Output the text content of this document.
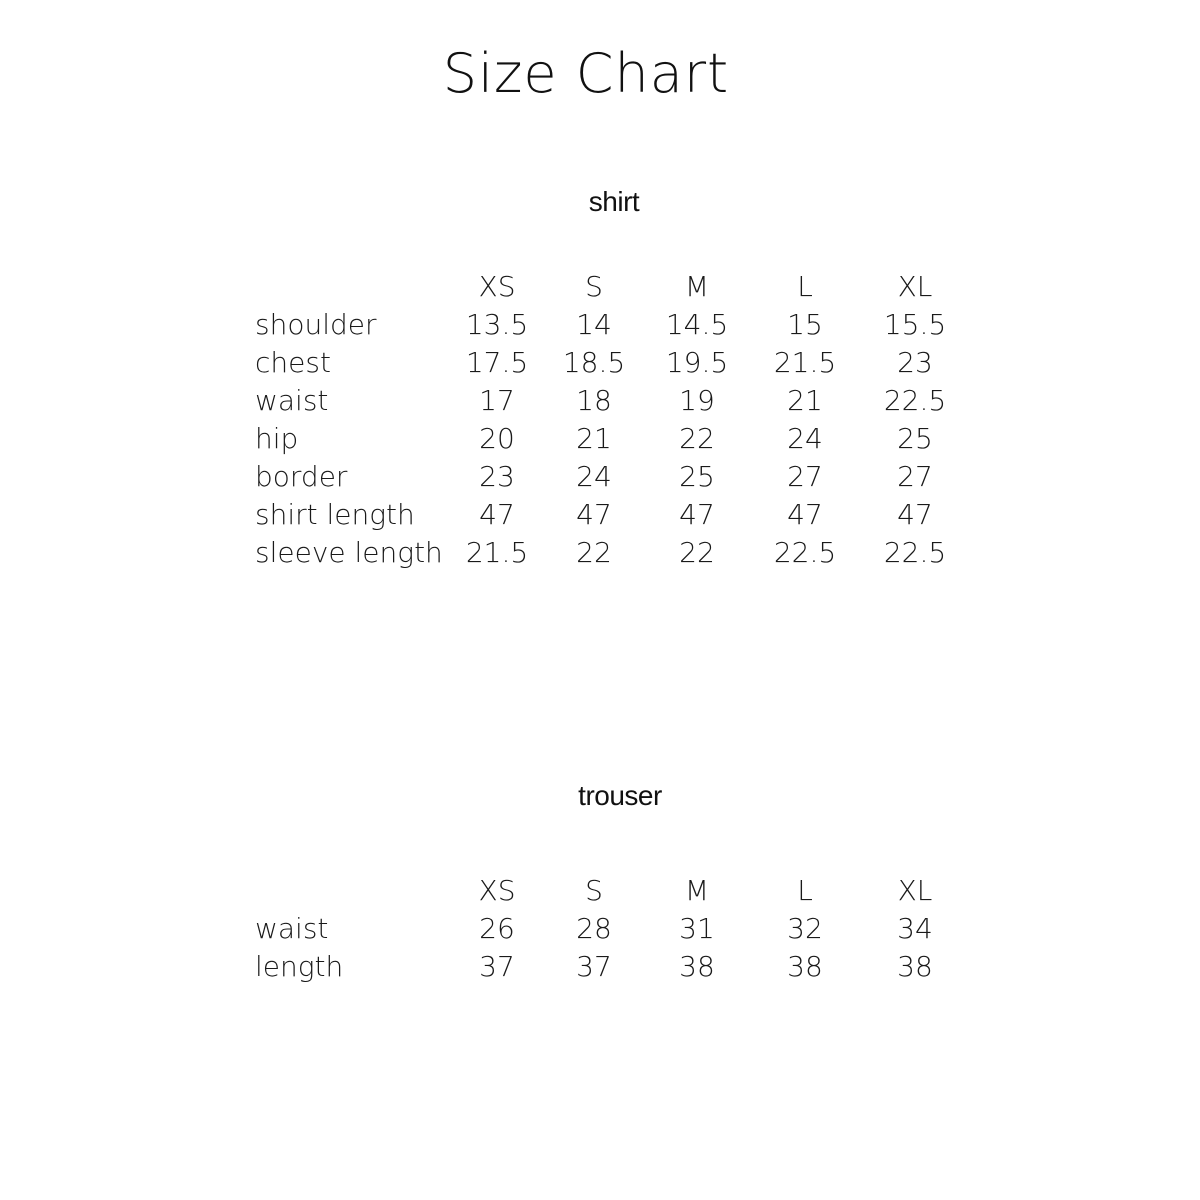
Size Chart
shirt
XS	S	M	L	XL
shoulder	13.5	14	14.5	15	15.5
chest	17.5	18.5	19.5	21.5	23
waist	17	18	19	21	22.5
hip	20	21	22	24	25
border	23	24	25	27	27
shirt length	47	47	47	47	47
sleeve length 21.5	22	22	22.5	22.5
trouser
XS	S	M	L	XL
waist	26	28	31	32	34
length	37	37	38	38	38
